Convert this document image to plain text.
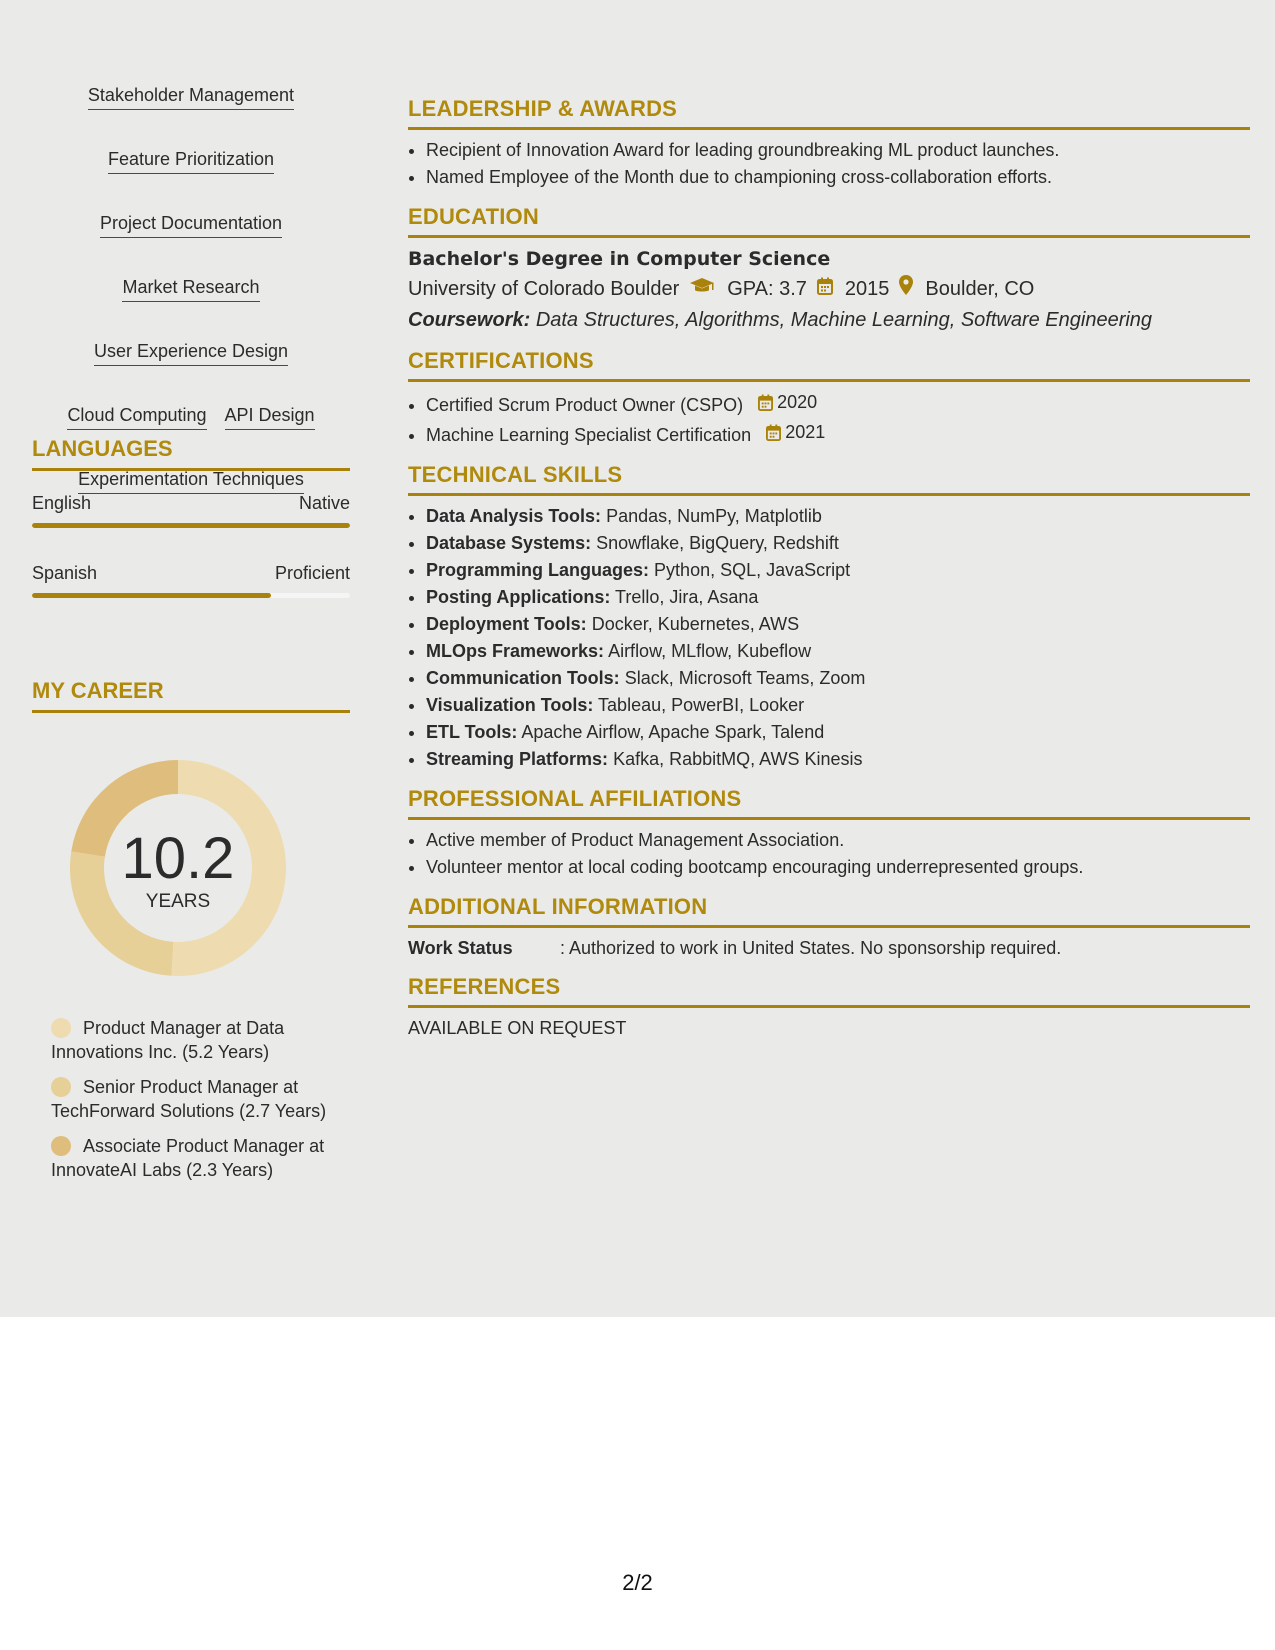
Stakeholder Management
Feature Prioritization
Project Documentation
Market Research
User Experience Design
Cloud Computing API Design
Experimentation Techniques
LANGUAGES
English	Native
Spanish	Proficient
MY CAREER
10.2
YEARS
Product Manager at Data Innovations Inc. (5.2 Years)
Senior Product Manager at TechForward Solutions (2.7 Years)
Associate Product Manager at InnovateAI Labs (2.3 Years)
LEADERSHIP & AWARDS
• Recipient of Innovation Award for leading groundbreaking ML product launches.
• Named Employee of the Month due to championing cross-collaboration efforts.
EDUCATION
Bachelor's Degree in Computer Science
University of Colorado Boulder GPA: 3.7 2015 Boulder, CO
Coursework: Data Structures, Algorithms, Machine Learning, Software Engineering
CERTIFICATIONS
• Certified Scrum Product Owner (CSPO) 2020
• Machine Learning Specialist Certification 2021
TECHNICAL SKILLS
• Data Analysis Tools: Pandas, NumPy, Matplotlib
• Database Systems: Snowflake, BigQuery, Redshift
• Programming Languages: Python, SQL, JavaScript
• Posting Applications: Trello, Jira, Asana
• Deployment Tools: Docker, Kubernetes, AWS
• MLOps Frameworks: Airflow, MLflow, Kubeflow
• Communication Tools: Slack, Microsoft Teams, Zoom
• Visualization Tools: Tableau, PowerBI, Looker
• ETL Tools: Apache Airflow, Apache Spark, Talend
• Streaming Platforms: Kafka, RabbitMQ, AWS Kinesis
PROFESSIONAL AFFILIATIONS
• Active member of Product Management Association.
• Volunteer mentor at local coding bootcamp encouraging underrepresented groups.
ADDITIONAL INFORMATION
Work Status	: Authorized to work in United States. No sponsorship required.
REFERENCES
AVAILABLE ON REQUEST
2/2
